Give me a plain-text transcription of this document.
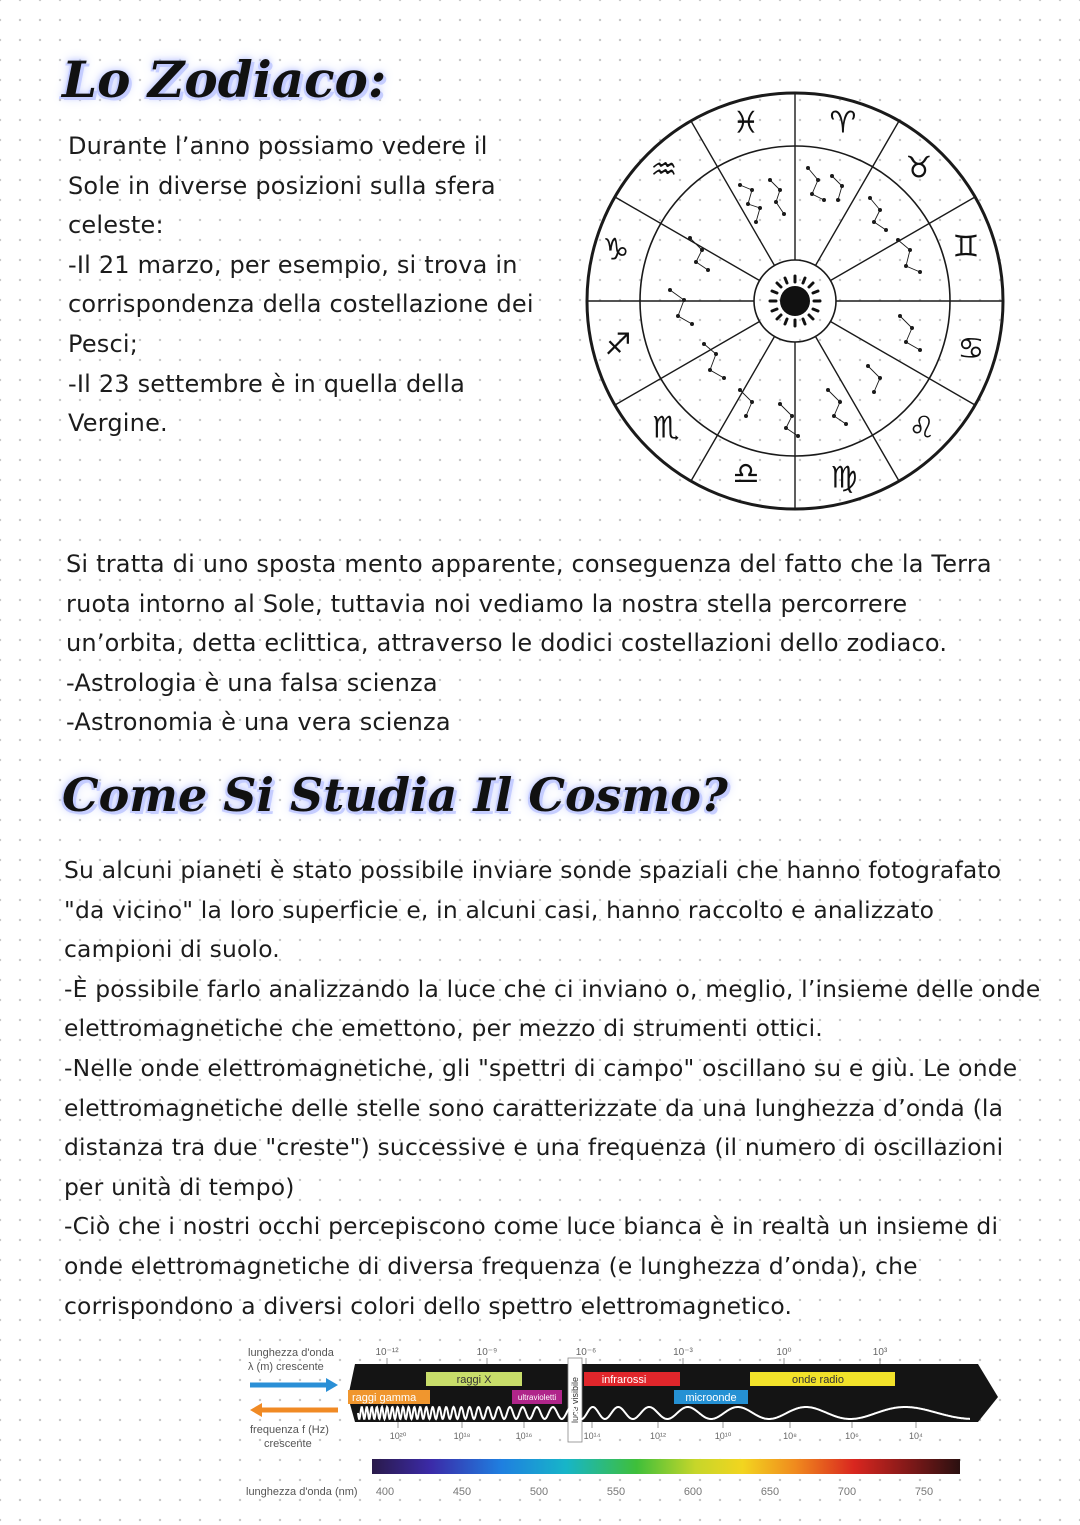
Lo Zodiaco:
Durante l’anno possiamo vedere il
Sole in diverse posizioni sulla sfera
celeste:
-Il 21 marzo, per esempio, si trova in
corrispondenza della costellazione dei
Pesci;
-Il 23 settembre è in quella della
Vergine.
♓ ♈
♉
♊
♋
♌
♍
♎
♏
♐
♑
♒
Si tratta di uno sposta mento apparente, conseguenza del fatto che la Terra
ruota intorno al Sole, tuttavia noi vediamo la nostra stella percorrere
un’orbita, detta eclittica, attraverso le dodici costellazioni dello zodiaco.
-Astrologia è una falsa scienza
-Astronomia è una vera scienza
Come Si Studia Il Cosmo?
Su alcuni pianeti è stato possibile inviare sonde spaziali che hanno fotografato
"da vicino" la loro superficie e, in alcuni casi, hanno raccolto e analizzato
campioni di suolo.
-È possibile farlo analizzando la luce che ci inviano o, meglio, l’insieme delle onde
elettromagnetiche che emettono, per mezzo di strumenti ottici.
-Nelle onde elettromagnetiche, gli "spettri di campo" oscillano su e giù. Le onde
elettromagnetiche delle stelle sono caratterizzate da una lunghezza d’onda (la
distanza tra due "creste") successive e una frequenza (il numero di oscillazioni
per unità di tempo)
-Ciò che i nostri occhi percepiscono come luce bianca è in realtà un insieme di
onde elettromagnetiche di diversa frequenza (e lunghezza d’onda), che
corrispondono a diversi colori dello spettro elettromagnetico.
lunghezza d'onda
λ (m) crescente
frequenza f (Hz)
crescente
10⁻¹²	10⁻⁹	10⁻⁶	10⁻³	10⁰	10³
raggi X
raggi gamma	ultravioletti luce visibile infrarossi
microonde
onde radio
10²⁰	10¹⁸	10¹⁶	10¹⁴	10¹²	10¹⁰	10⁸	10⁶	10⁴
lunghezza d'onda (nm) 400	450	500	550	600	650	700	750
